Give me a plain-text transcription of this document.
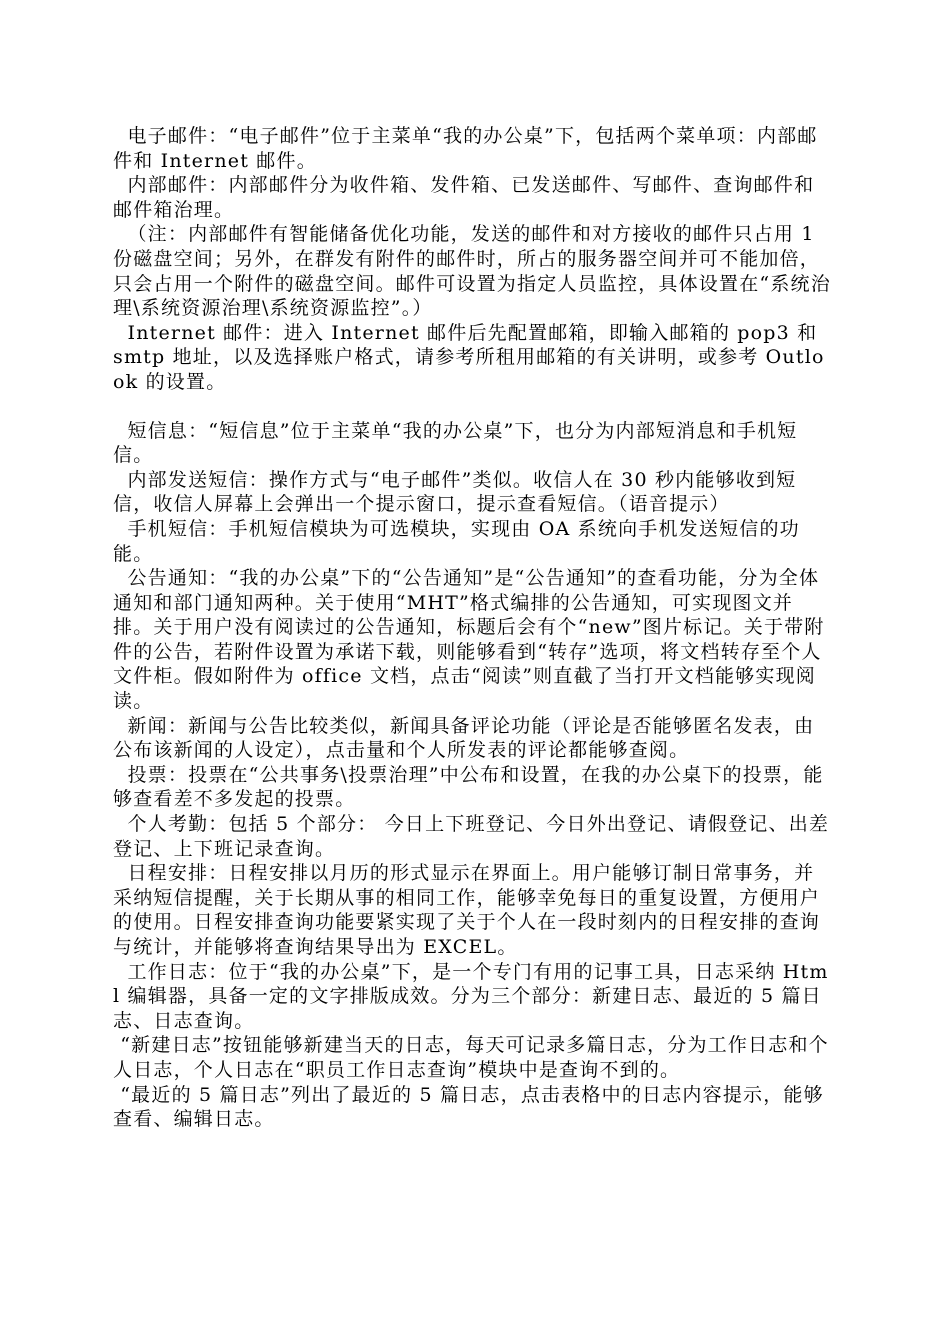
电子邮件：“电子邮件”位于主菜单“我的办公桌”下，包括两个菜单项：内部邮件和 Internet 邮件。

内部邮件：内部邮件分为收件箱、发件箱、已发送邮件、写邮件、查询邮件和邮件箱治理。

（注：内部邮件有智能储备优化功能，发送的邮件和对方接收的邮件只占用 1 份磁盘空间；另外，在群发有附件的邮件时，所占的服务器空间并可不能加倍，只会占用一个附件的磁盘空间。邮件可设置为指定人员监控，具体设置在“系统治理\系统资源治理\系统资源监控”。）

Internet 邮件：进入 Internet 邮件后先配置邮箱，即输入邮箱的 pop3 和 smtp 地址，以及选择账户格式，请参考所租用邮箱的有关讲明，或参考 Outlook 的设置。

短信息：“短信息”位于主菜单“我的办公桌”下，也分为内部短消息和手机短信。

内部发送短信：操作方式与“电子邮件”类似。收信人在 30 秒内能够收到短信，收信人屏幕上会弹出一个提示窗口，提示查看短信。（语音提示）

手机短信：手机短信模块为可选模块，实现由 OA 系统向手机发送短信的功能。

公告通知：“我的办公桌”下的“公告通知”是“公告通知”的查看功能，分为全体通知和部门通知两种。关于使用“MHT”格式编排的公告通知，可实现图文并排。关于用户没有阅读过的公告通知，标题后会有个“new”图片标记。关于带附件的公告，若附件设置为承诺下载，则能够看到“转存”选项，将文档转存至个人文件柜。假如附件为 office 文档，点击“阅读”则直截了当打开文档能够实现阅读。

新闻：新闻与公告比较类似，新闻具备评论功能（评论是否能够匿名发表，由公布该新闻的人设定），点击量和个人所发表的评论都能够查阅。

投票：投票在“公共事务\投票治理”中公布和设置，在我的办公桌下的投票，能够查看差不多发起的投票。

个人考勤：包括 5 个部分： 今日上下班登记、今日外出登记、请假登记、出差登记、上下班记录查询。

日程安排：日程安排以月历的形式显示在界面上。用户能够订制日常事务，并采纳短信提醒，关于长期从事的相同工作，能够幸免每日的重复设置，方便用户的使用。日程安排查询功能要紧实现了关于个人在一段时刻内的日程安排的查询与统计，并能够将查询结果导出为 EXCEL。

工作日志：位于“我的办公桌”下，是一个专门有用的记事工具，日志采纳 Html 编辑器，具备一定的文字排版成效。分为三个部分：新建日志、最近的 5 篇日志、日志查询。

“新建日志”按钮能够新建当天的日志，每天可记录多篇日志，分为工作日志和个人日志，个人日志在“职员工作日志查询”模块中是查询不到的。

“最近的 5 篇日志”列出了最近的 5 篇日志，点击表格中的日志内容提示，能够查看、编辑日志。
